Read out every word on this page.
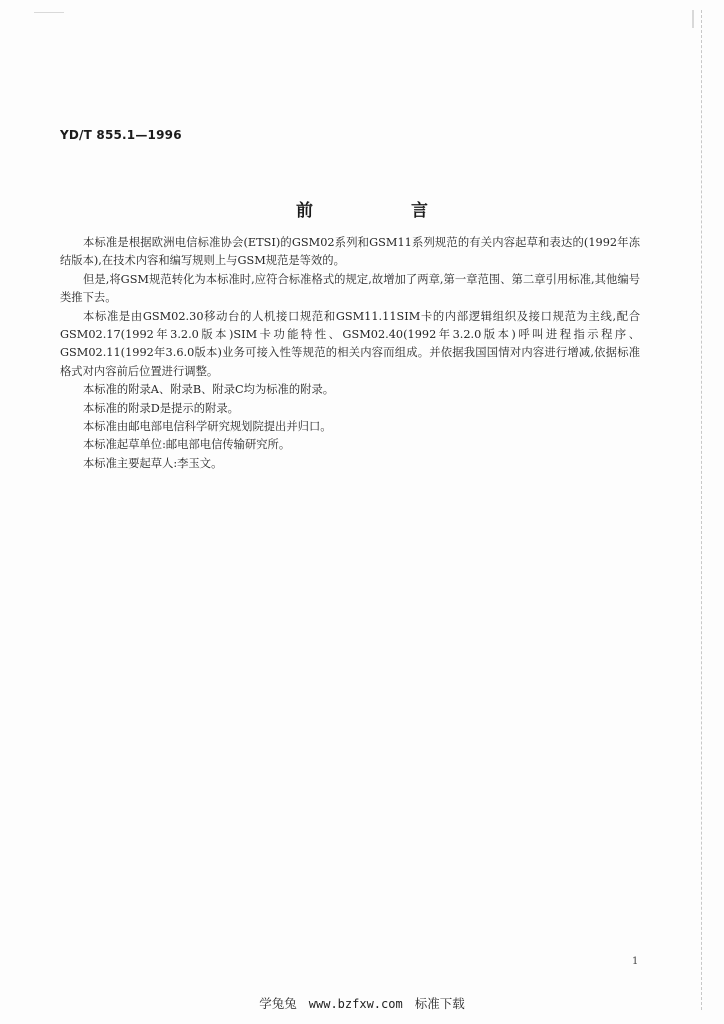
YD/T 855.1—1996
前 言

本标准是根据欧洲电信标准协会(ETSI)的GSM02系列和GSM11系列规范的有关内容起草和表达的(1992年冻结版本),在技术内容和编写规则上与GSM规范是等效的。

但是,将GSM规范转化为本标准时,应符合标准格式的规定,故增加了两章,第一章范围、第二章引用标准,其他编号类推下去。

本标准是由GSM02.30移动台的人机接口规范和GSM11.11SIM卡的内部逻辑组织及接口规范为主线,配合GSM02.17(1992年3.2.0版本)SIM卡功能特性、GSM02.40(1992年3.2.0版本)呼叫进程指示程序、GSM02.11(1992年3.6.0版本)业务可接入性等规范的相关内容而组成。并依据我国国情对内容进行增减,依据标准格式对内容前后位置进行调整。

本标准的附录A、附录B、附录C均为标准的附录。

本标准的附录D是提示的附录。

本标准由邮电部电信科学研究规划院提出并归口。

本标准起草单位:邮电部电信传输研究所。

本标准主要起草人:李玉文。

1
学兔兔 www.bzfxw.com 标准下载
